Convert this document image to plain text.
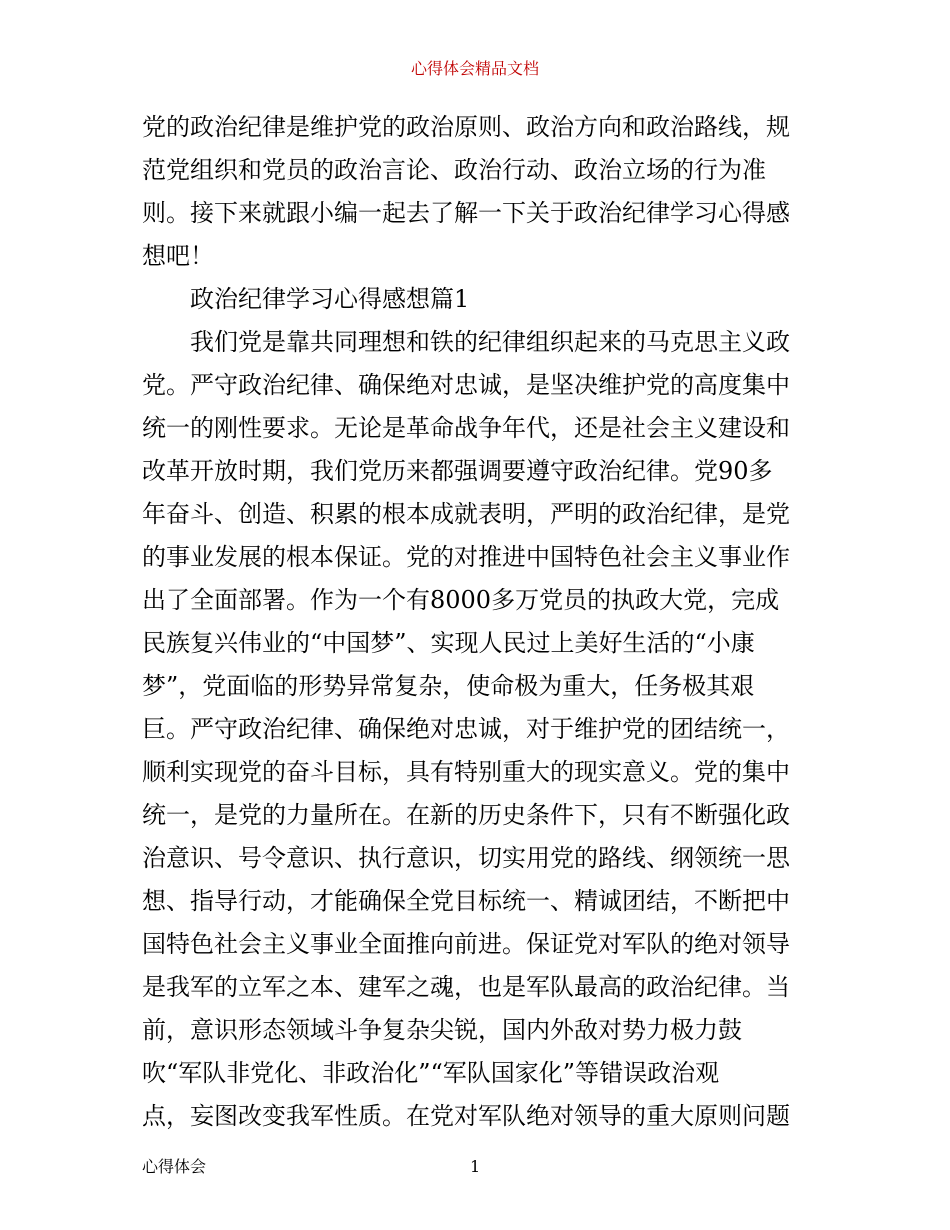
心得体会精品文档
党的政治纪律是维护党的政治原则、政治方向和政治路线，规
范党组织和党员的政治言论、政治行动、政治立场的行为准
则。接下来就跟小编一起去了解一下关于政治纪律学习心得感
想吧！
政治纪律学习心得感想篇1
我们党是靠共同理想和铁的纪律组织起来的马克思主义政
党。严守政治纪律、确保绝对忠诚，是坚决维护党的高度集中
统一的刚性要求。无论是革命战争年代，还是社会主义建设和
改革开放时期，我们党历来都强调要遵守政治纪律。党90多
年奋斗、创造、积累的根本成就表明，严明的政治纪律，是党
的事业发展的根本保证。党的对推进中国特色社会主义事业作
出了全面部署。作为一个有8000多万党员的执政大党，完成
民族复兴伟业的“中国梦”、实现人民过上美好生活的“小康
梦”，党面临的形势异常复杂，使命极为重大，任务极其艰
巨。严守政治纪律、确保绝对忠诚，对于维护党的团结统一，
顺利实现党的奋斗目标，具有特别重大的现实意义。党的集中
统一，是党的力量所在。在新的历史条件下，只有不断强化政
治意识、号令意识、执行意识，切实用党的路线、纲领统一思
想、指导行动，才能确保全党目标统一、精诚团结，不断把中
国特色社会主义事业全面推向前进。保证党对军队的绝对领导
是我军的立军之本、建军之魂，也是军队最高的政治纪律。当
前，意识形态领域斗争复杂尖锐，国内外敌对势力极力鼓
吹“军队非党化、非政治化”“军队国家化”等错误政治观
点，妄图改变我军性质。在党对军队绝对领导的重大原则问题
心得体会	1
